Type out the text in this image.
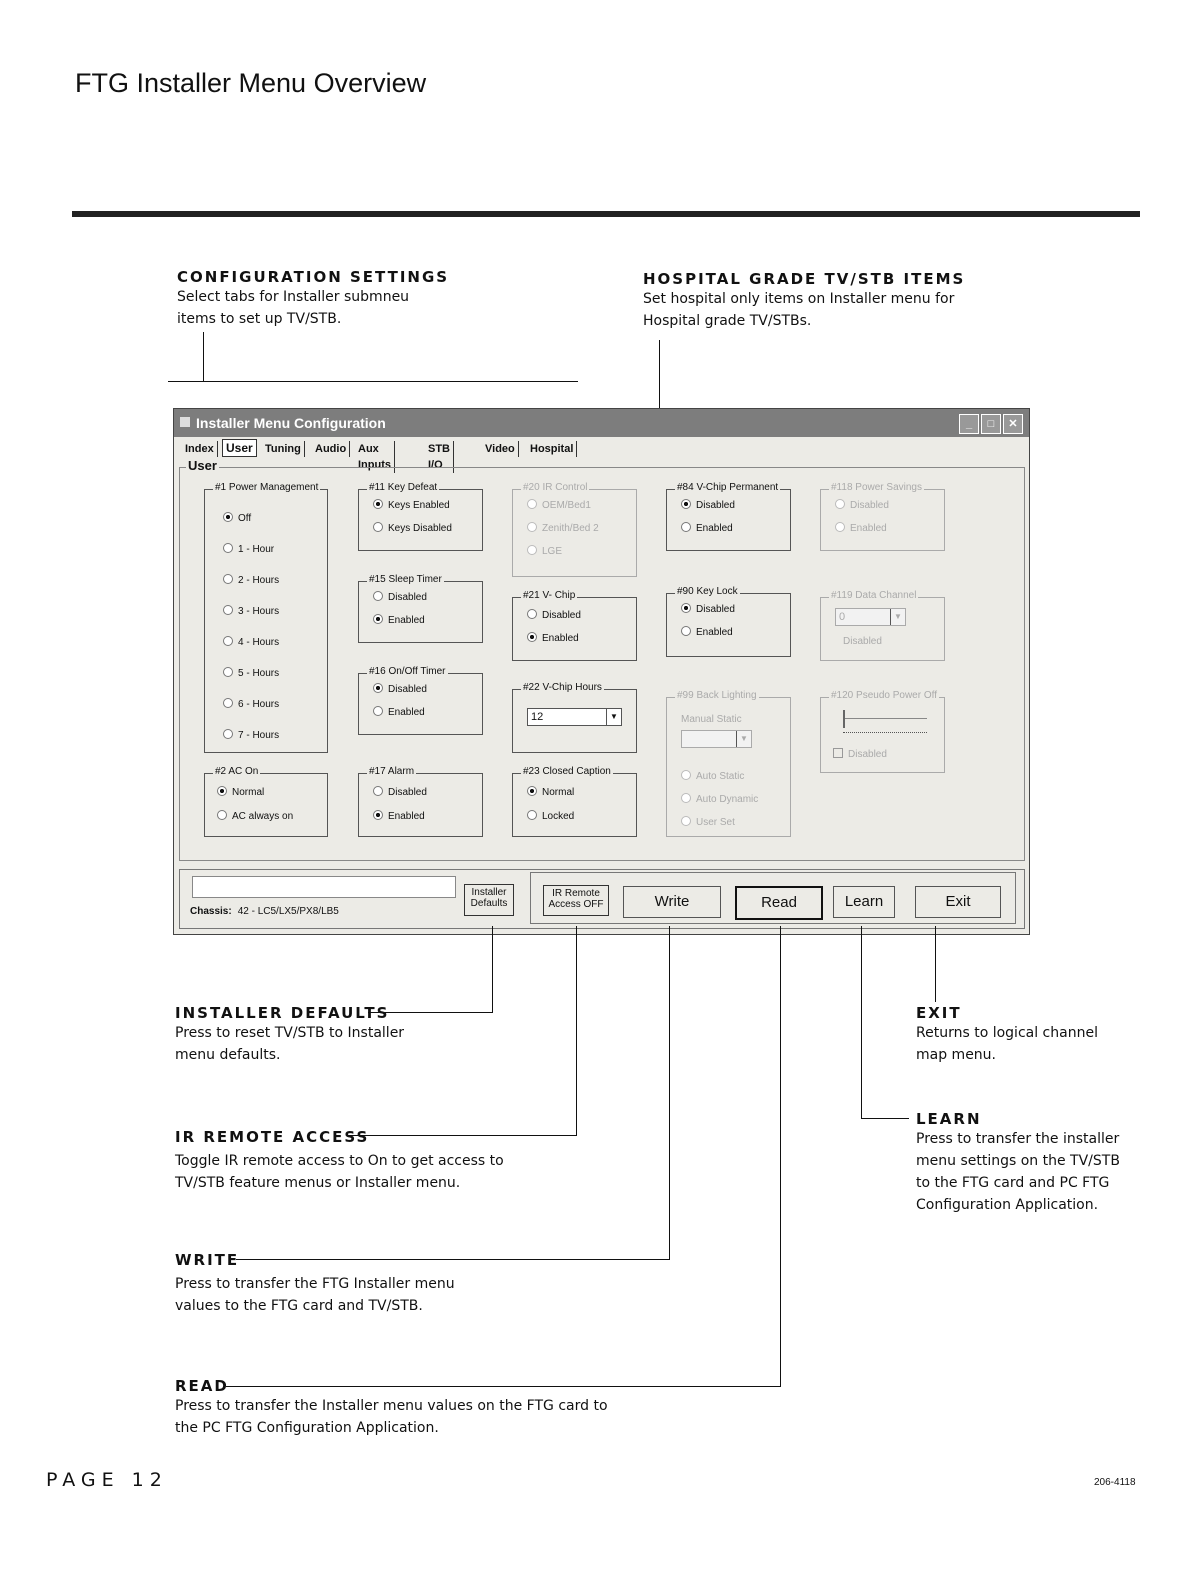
FTG Installer Menu Overview
CONFIGURATION SETTINGS
Select tabs for Installer submneu
items to set up TV/STB.
HOSPITAL GRADE TV/STB ITEMS
Set hospital only items on Installer menu for
Hospital grade TV/STBs.
Installer Menu Configuration	_	□	✕
Index	User	Tuning	Audio	Aux Inputs
STB I/O
Video	Hospital
User
#1 Power Management
Off
1 - Hour
2 - Hours
3 - Hours
4 - Hours
5 - Hours
6 - Hours
7 - Hours
#2 AC On
Normal
AC always on
#11 Key Defeat
Keys Enabled
Keys Disabled
#15 Sleep Timer
Disabled
Enabled
#16 On/Off Timer
Disabled
Enabled
#17 Alarm
Disabled
Enabled
#20 IR Control
OEM/Bed1
Zenith/Bed 2
LGE
#21 V- Chip
Disabled
Enabled
#22 V-Chip Hours
12	▼
#23 Closed Caption
Normal
Locked
#84 V-Chip Permanent
Disabled
Enabled
#90 Key Lock
Disabled
Enabled
#99 Back Lighting
Manual Static
▼
Auto Static
Auto Dynamic
User Set
#118 Power Savings
Disabled
Enabled
#119 Data Channel
0	▼
Disabled
#120 Pseudo Power Off
Disabled
Chassis: 42 - LC5/LX5/PX8/LB5
Installer
Defaults
IR Remote
Access OFF	Write	Read	Learn	Exit
INSTALLER DEFAULTS
Press to reset TV/STB to Installer
menu defaults.
IR REMOTE ACCESS
Toggle IR remote access to On to get access to
TV/STB feature menus or Installer menu.
WRITE
Press to transfer the FTG Installer menu
values to the FTG card and TV/STB.
READ
Press to transfer the Installer menu values on the FTG card to
the PC FTG Configuration Application.
EXIT
Returns to logical channel
map menu.
LEARN
Press to transfer the installer
menu settings on the TV/STB
to the FTG card and PC FTG
Configuration Application.
PAGE 12	206-4118
